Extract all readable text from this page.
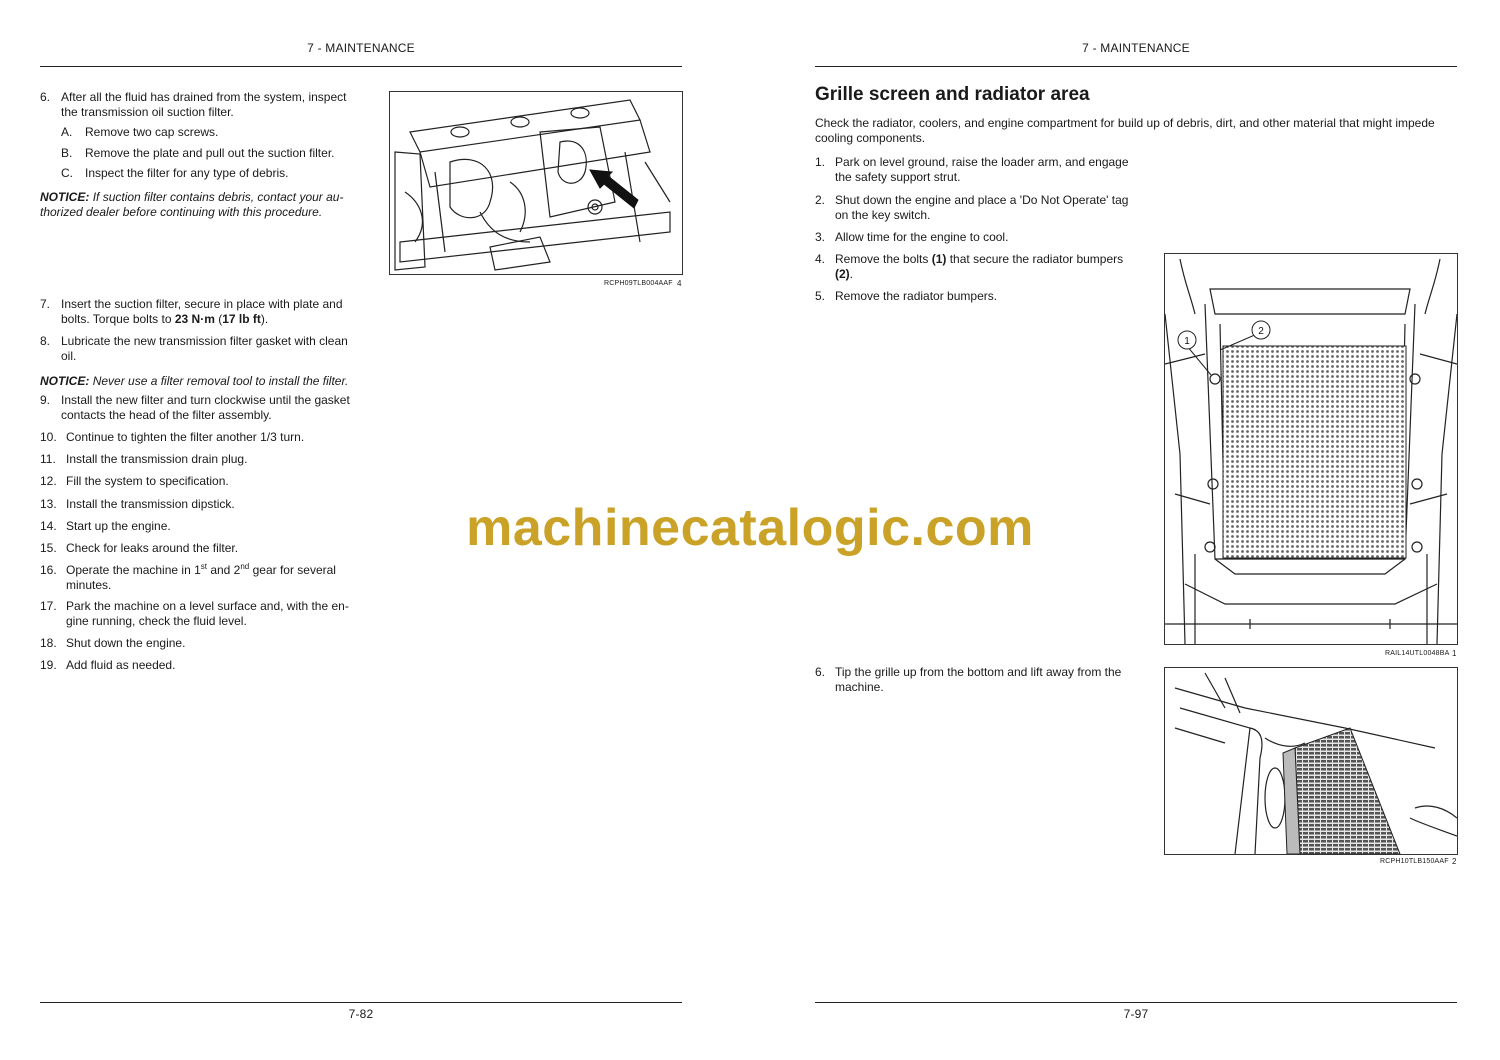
7 - MAINTENANCE
6. After all the fluid has drained from the system, inspect
the transmission oil suction filter.
A. Remove two cap screws.
B. Remove the plate and pull out the suction filter.
C. Inspect the filter for any type of debris.
NOTICE: If suction filter contains debris, contact your au-
thorized dealer before continuing with this procedure.
RCPH09TLB004AAF 4
7. Insert the suction filter, secure in place with plate and
bolts. Torque bolts to 23 N·m (17 lb ft).
8. Lubricate the new transmission filter gasket with clean
oil.
NOTICE: Never use a filter removal tool to install the filter.
9. Install the new filter and turn clockwise until the gasket
contacts the head of the filter assembly.
10. Continue to tighten the filter another 1/3 turn.
11. Install the transmission drain plug.
12. Fill the system to specification.
13. Install the transmission dipstick.
14. Start up the engine.
15. Check for leaks around the filter.
16. Operate the machine in 1st and 2nd gear for several
minutes.
17. Park the machine on a level surface and, with the en-
gine running, check the fluid level.
18. Shut down the engine.
19. Add fluid as needed.
7-82
7 - MAINTENANCE
Grille screen and radiator area
Check the radiator, coolers, and engine compartment for build up of debris, dirt, and other material that might impede
cooling components.
1. Park on level ground, raise the loader arm, and engage
the safety support strut.
2. Shut down the engine and place a 'Do Not Operate' tag
on the key switch.
3. Allow time for the engine to cool.
4. Remove the bolts (1) that secure the radiator bumpers
(2).
5. Remove the radiator bumpers.
1
2
RAIL14UTL0048BA 1
6. Tip the grille up from the bottom and lift away from the
machine.
RCPH10TLB150AAF 2
7-97
machinecatalogic.com
